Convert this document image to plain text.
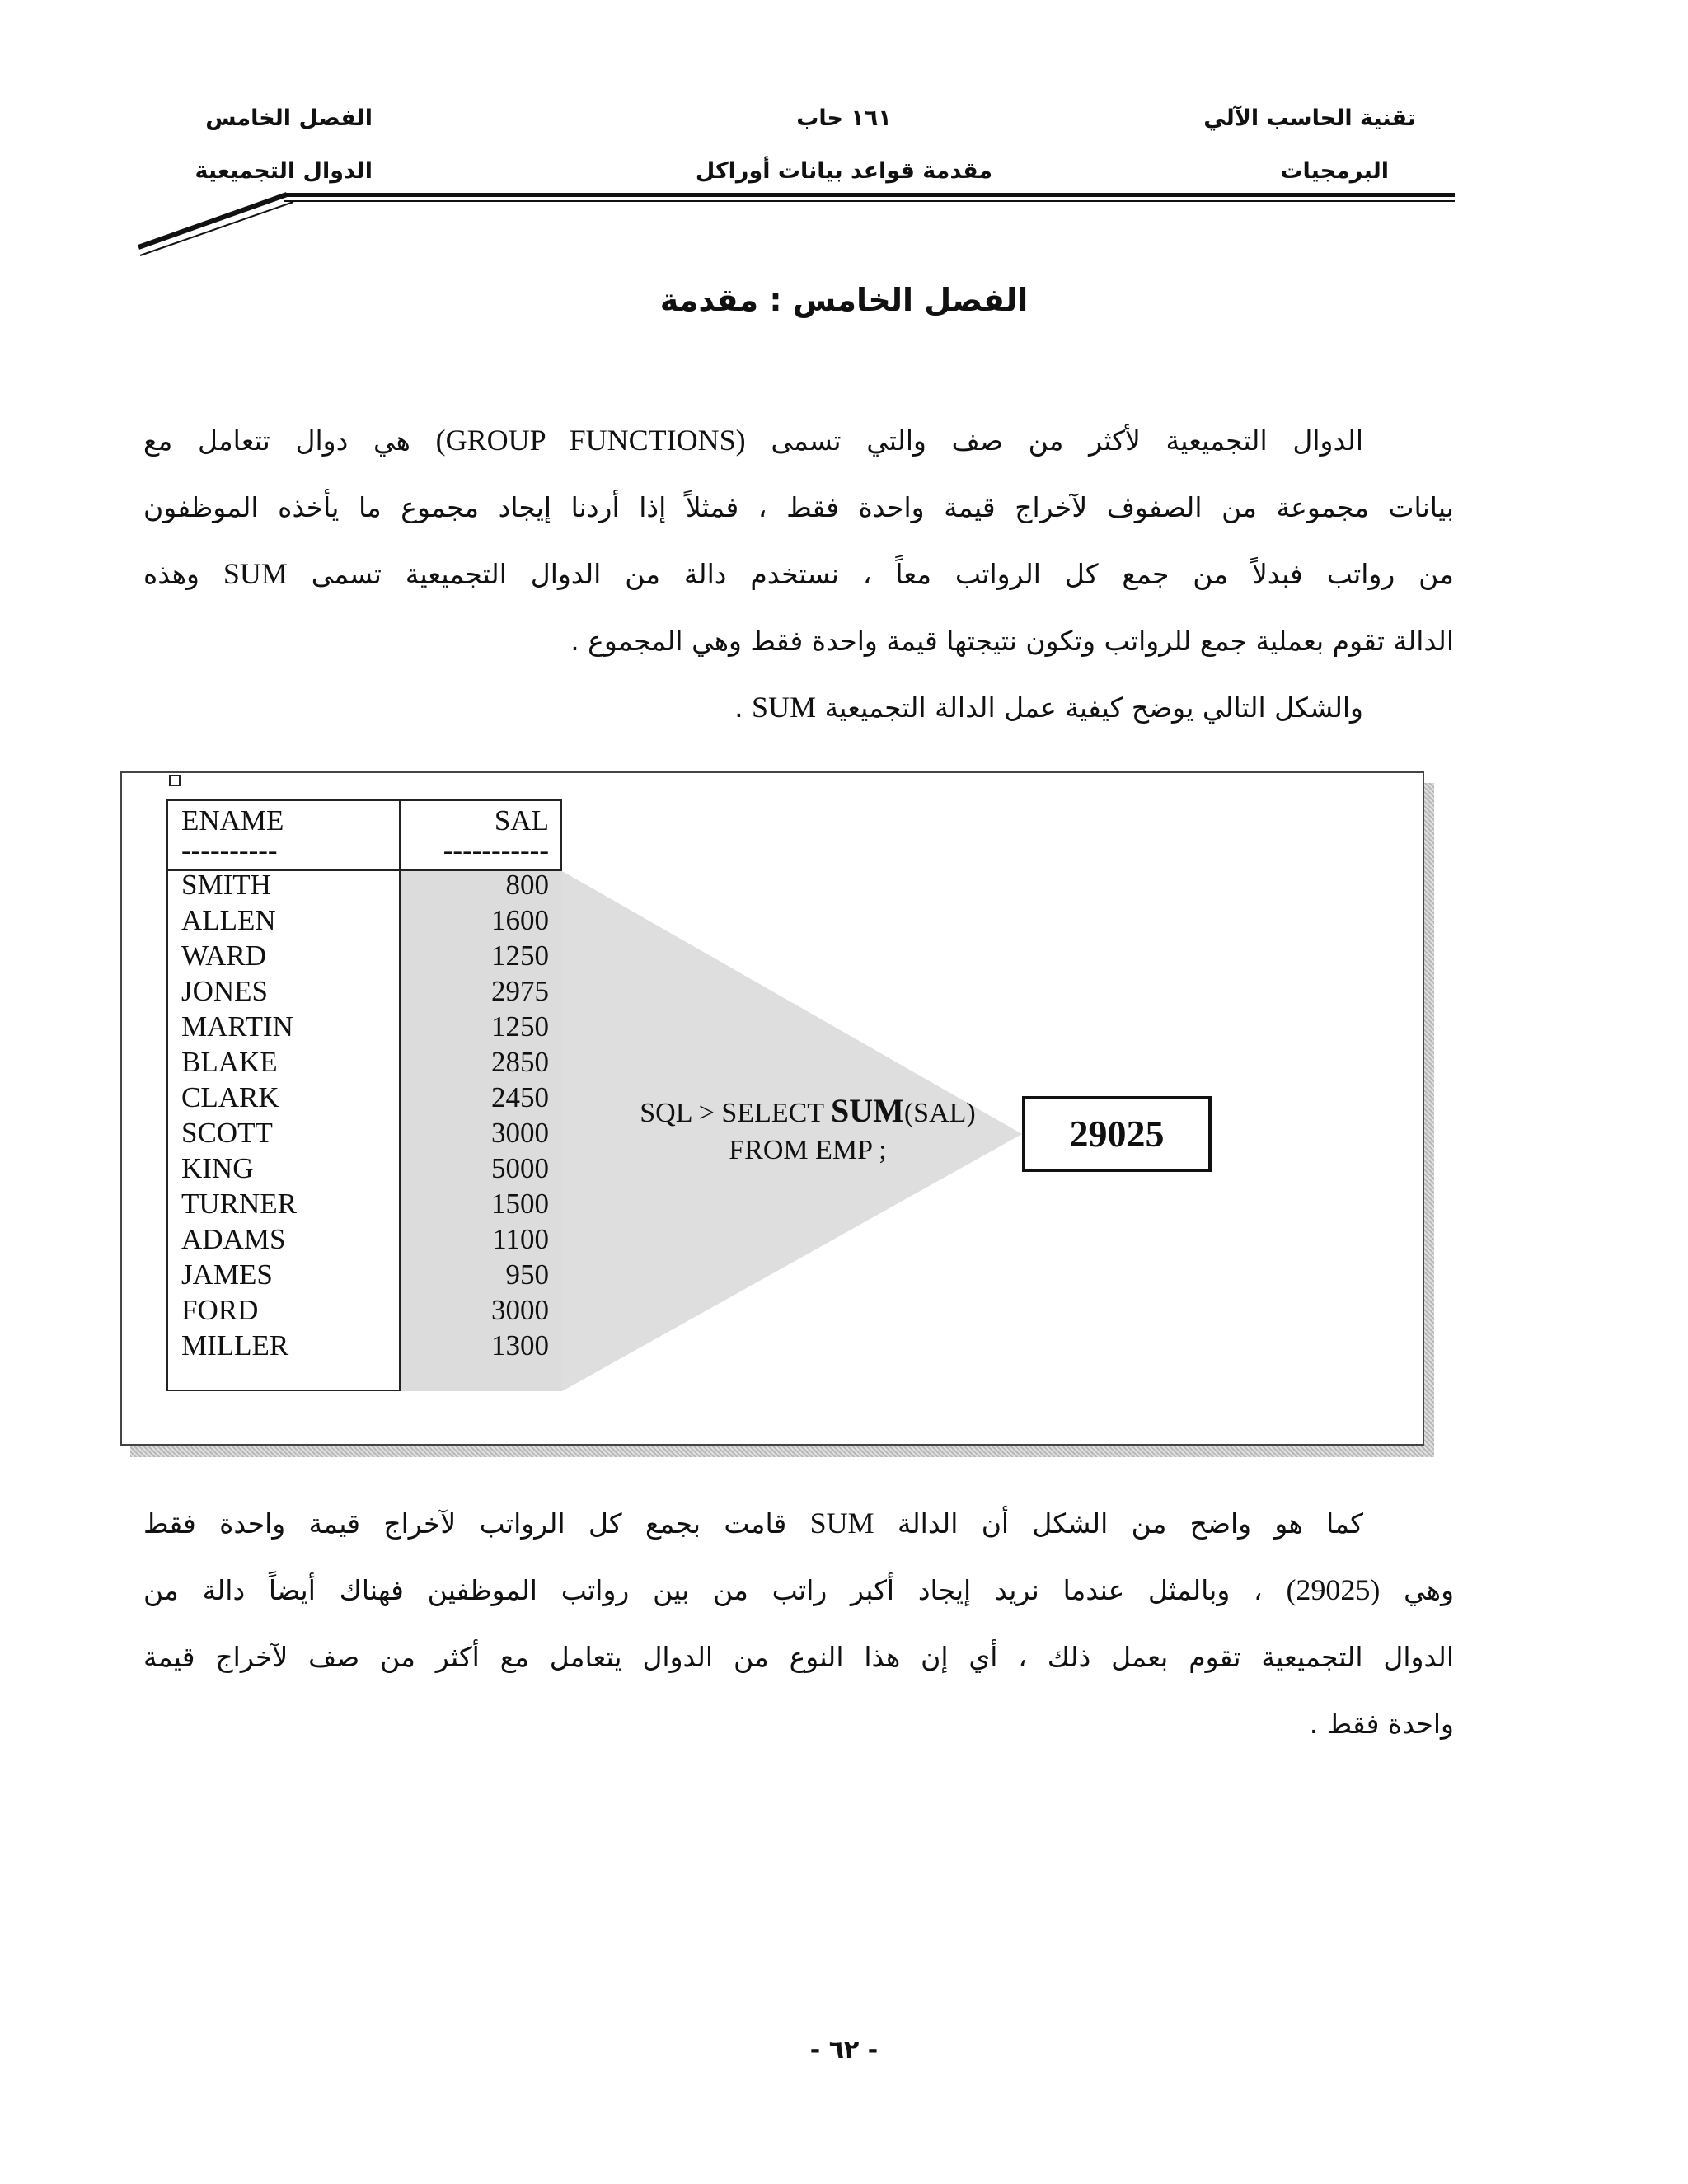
تقنية الحاسب الآلي
البرمجيات
١٦١ حاب
مقدمة قواعد بيانات أوراكل
الفصل الخامس
الدوال التجميعية
الفصل الخامس : مقدمة
الدوال التجميعية لأكثر من صف والتي تسمى (GROUP FUNCTIONS) هي دوال تتعامل مع
بيانات مجموعة من الصفوف لآخراج قيمة واحدة فقط ، فمثلاً إذا أردنا إيجاد مجموع ما يأخذه الموظفون
من رواتب فبدلاً من جمع كل الرواتب معاً ، نستخدم دالة من الدوال التجميعية تسمى SUM وهذه
الدالة تقوم بعملية جمع للرواتب وتكون نتيجتها قيمة واحدة فقط وهي المجموع .
والشكل التالي يوضح كيفية عمل الدالة التجميعية SUM .
ENAME	SAL
----------	-----------
SMITH	800
ALLEN	1600
WARD	1250
JONES	2975
MARTIN	1250
BLAKE	2850
CLARK	2450
SCOTT	3000
KING	5000
TURNER	1500
ADAMS	1100
JAMES	950
FORD	3000
MILLER	1300
SQL > SELECT SUM(SAL)
FROM EMP ;	29025
كما هو واضح من الشكل أن الدالة SUM قامت بجمع كل الرواتب لآخراج قيمة واحدة فقط
وهي (29025) ، وبالمثل عندما نريد إيجاد أكبر راتب من بين رواتب الموظفين فهناك أيضاً دالة من
الدوال التجميعية تقوم بعمل ذلك ، أي إن هذا النوع من الدوال يتعامل مع أكثر من صف لآخراج قيمة
واحدة فقط .
- ٦٢ -
